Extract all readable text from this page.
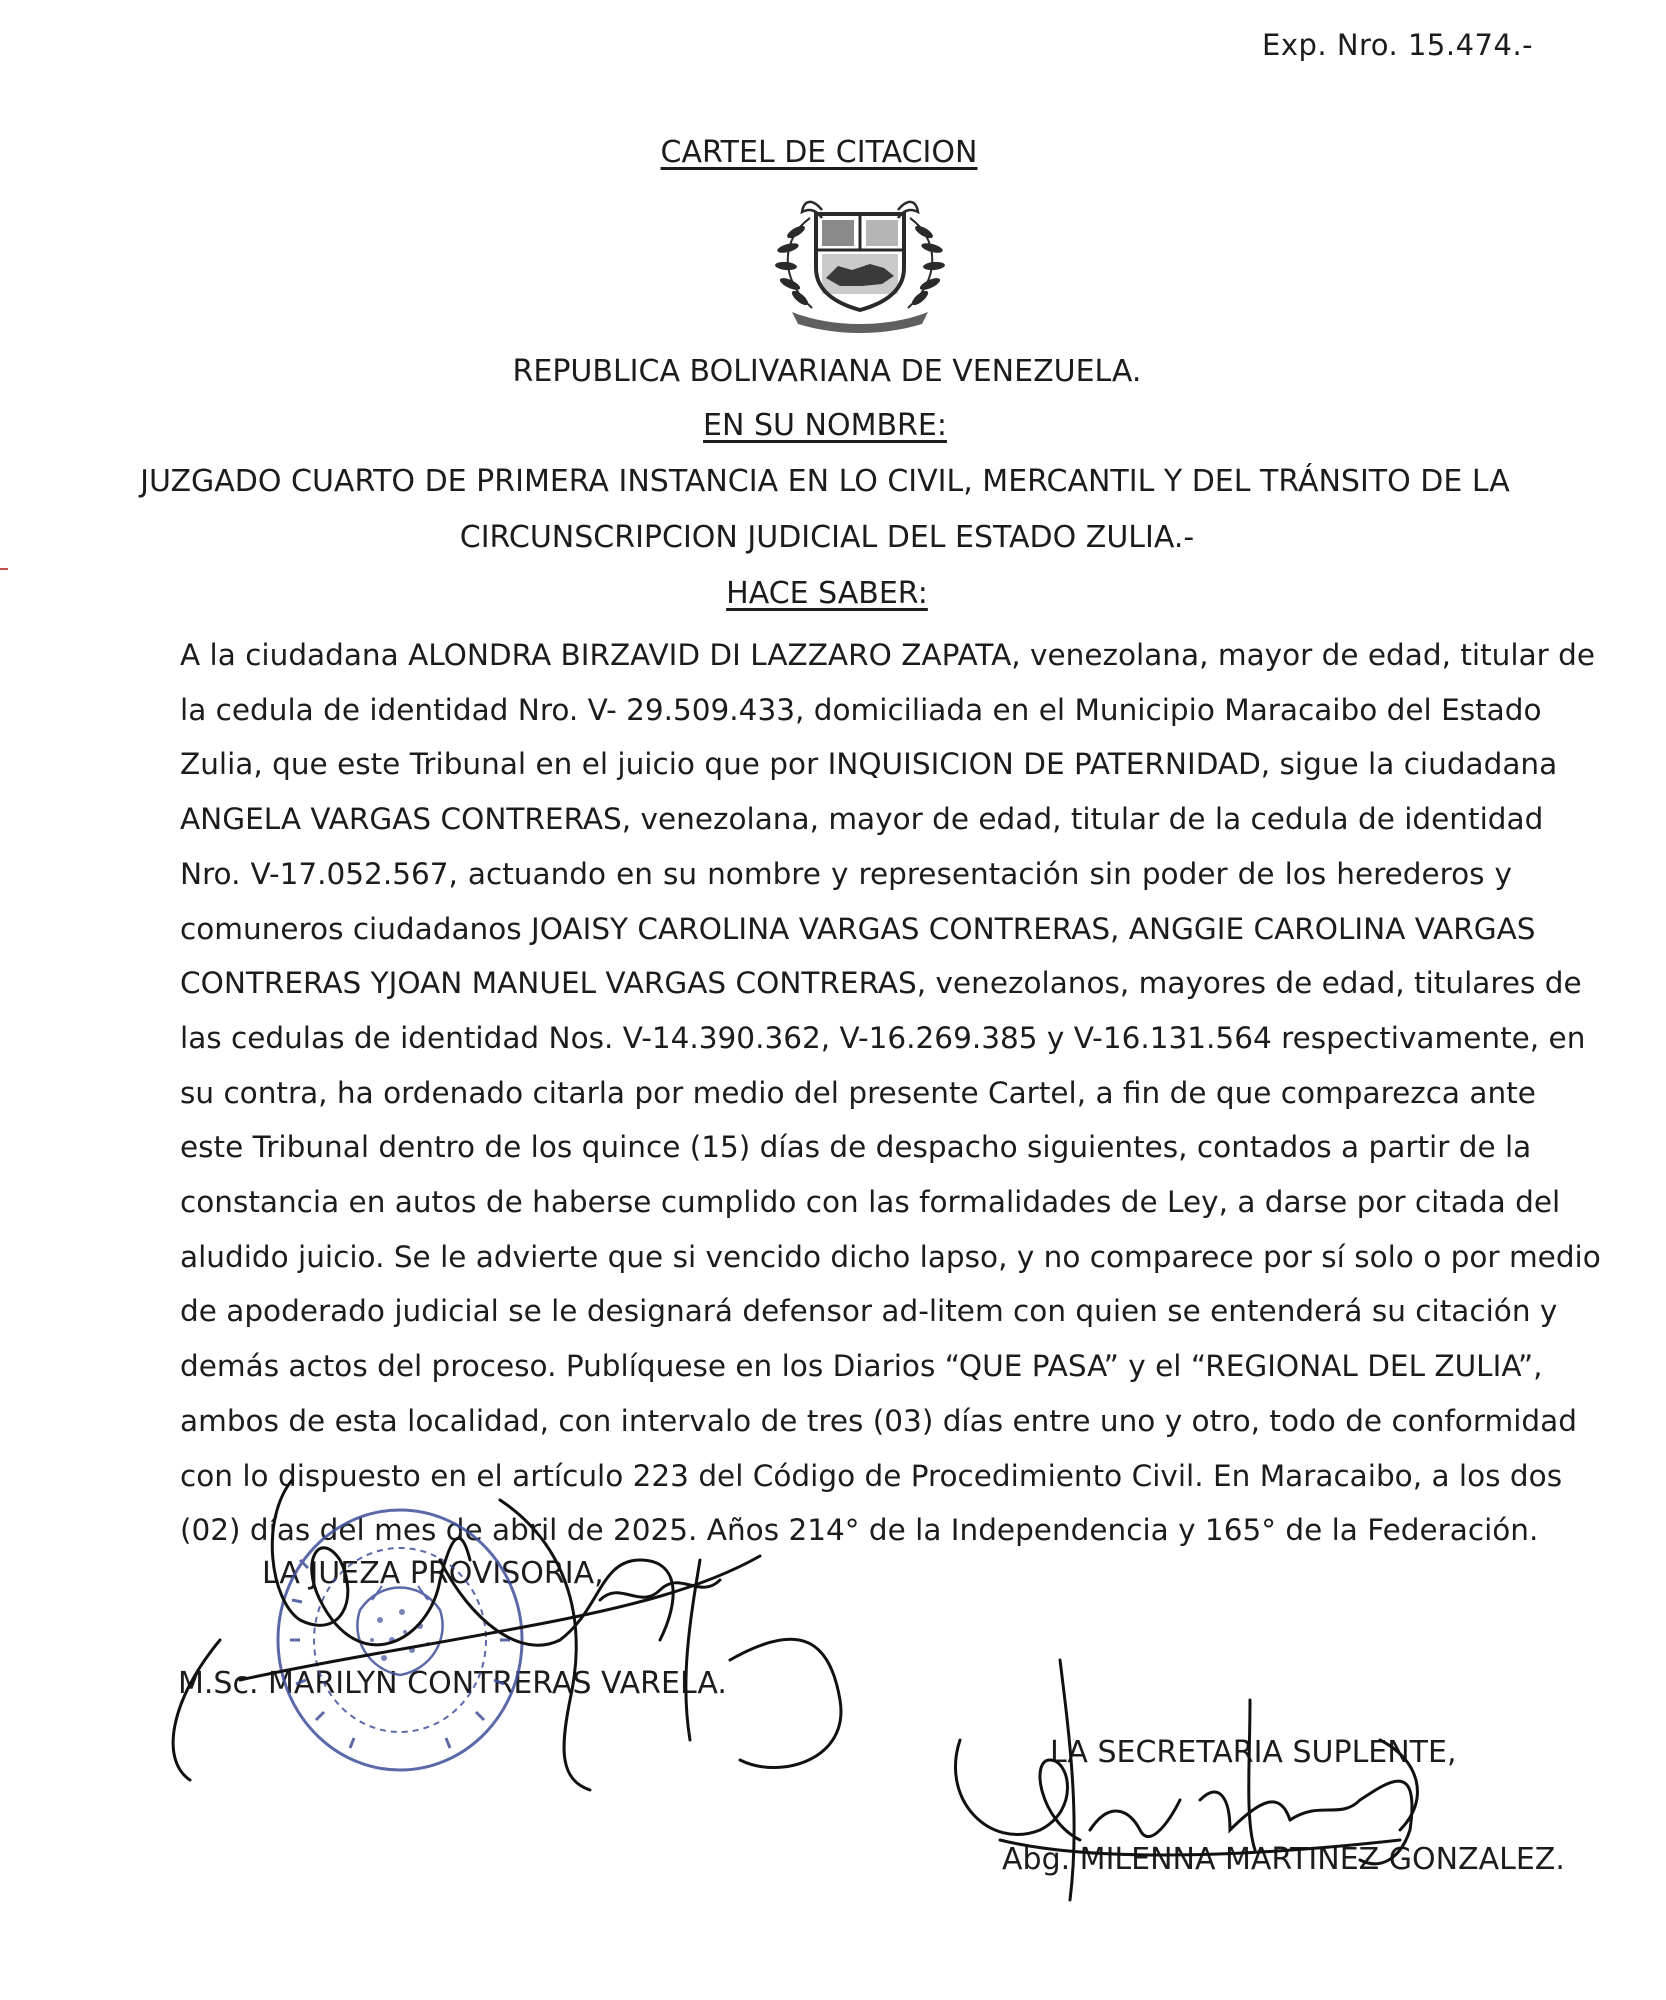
Exp. Nro. 15.474.-
CARTEL DE CITACION
REPUBLICA BOLIVARIANA DE VENEZUELA.
EN SU NOMBRE:
JUZGADO CUARTO DE PRIMERA INSTANCIA EN LO CIVIL, MERCANTIL Y DEL TRÁNSITO DE LA
CIRCUNSCRIPCION JUDICIAL DEL ESTADO ZULIA.-
HACE SABER:
A la ciudadana ALONDRA BIRZAVID DI LAZZARO ZAPATA, venezolana, mayor de edad, titular de
la cedula de identidad Nro. V- 29.509.433, domiciliada en el Municipio Maracaibo del Estado
Zulia, que este Tribunal en el juicio que por INQUISICION DE PATERNIDAD, sigue la ciudadana
ANGELA VARGAS CONTRERAS, venezolana, mayor de edad, titular de la cedula de identidad
Nro. V-17.052.567, actuando en su nombre y representación sin poder de los herederos y
comuneros ciudadanos JOAISY CAROLINA VARGAS CONTRERAS, ANGGIE CAROLINA VARGAS
CONTRERAS YJOAN MANUEL VARGAS CONTRERAS, venezolanos, mayores de edad, titulares de
las cedulas de identidad Nos. V-14.390.362, V-16.269.385 y V-16.131.564 respectivamente, en
su contra, ha ordenado citarla por medio del presente Cartel, a fin de que comparezca ante
este Tribunal dentro de los quince (15) días de despacho siguientes, contados a partir de la
constancia en autos de haberse cumplido con las formalidades de Ley, a darse por citada del
aludido juicio. Se le advierte que si vencido dicho lapso, y no comparece por sí solo o por medio
de apoderado judicial se le designará defensor ad-litem con quien se entenderá su citación y
demás actos del proceso. Publíquese en los Diarios “QUE PASA” y el “REGIONAL DEL ZULIA”,
ambos de esta localidad, con intervalo de tres (03) días entre uno y otro, todo de conformidad
con lo dispuesto en el artículo 223 del Código de Procedimiento Civil. En Maracaibo, a los dos
(02) días del mes de abril de 2025. Años 214° de la Independencia y 165° de la Federación.
LA JUEZA PROVISORIA,
M.Sc. MARILYN CONTRERAS VARELA.
LA SECRETARIA SUPLENTE,
Abg. MILENNA MARTINEZ GONZALEZ.
